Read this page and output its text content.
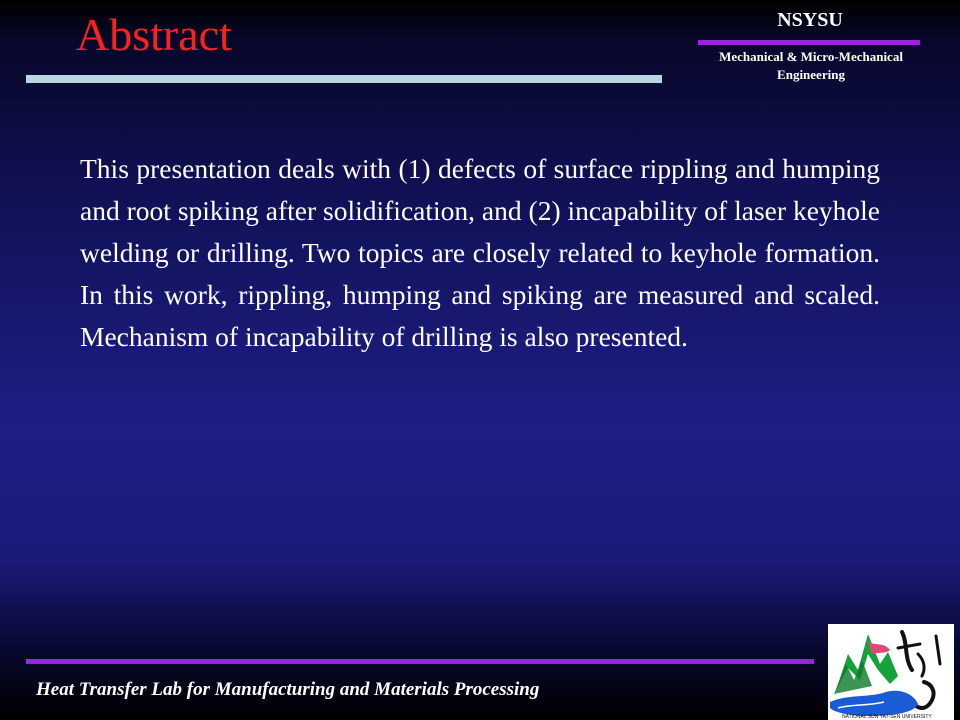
Abstract	NSYSU
Mechanical & Micro-Mechanical Engineering

This presentation deals with (1) defects of surface rippling and humping and root spiking after solidification, and (2) incapability of laser keyhole welding or drilling. Two topics are closely related to keyhole formation. In this work, rippling, humping and spiking are measured and scaled. Mechanism of incapability of drilling is also presented.

Heat Transfer Lab for Manufacturing and Materials Processing
NATIONAL SUN YAT-SEN UNIVERSITY
